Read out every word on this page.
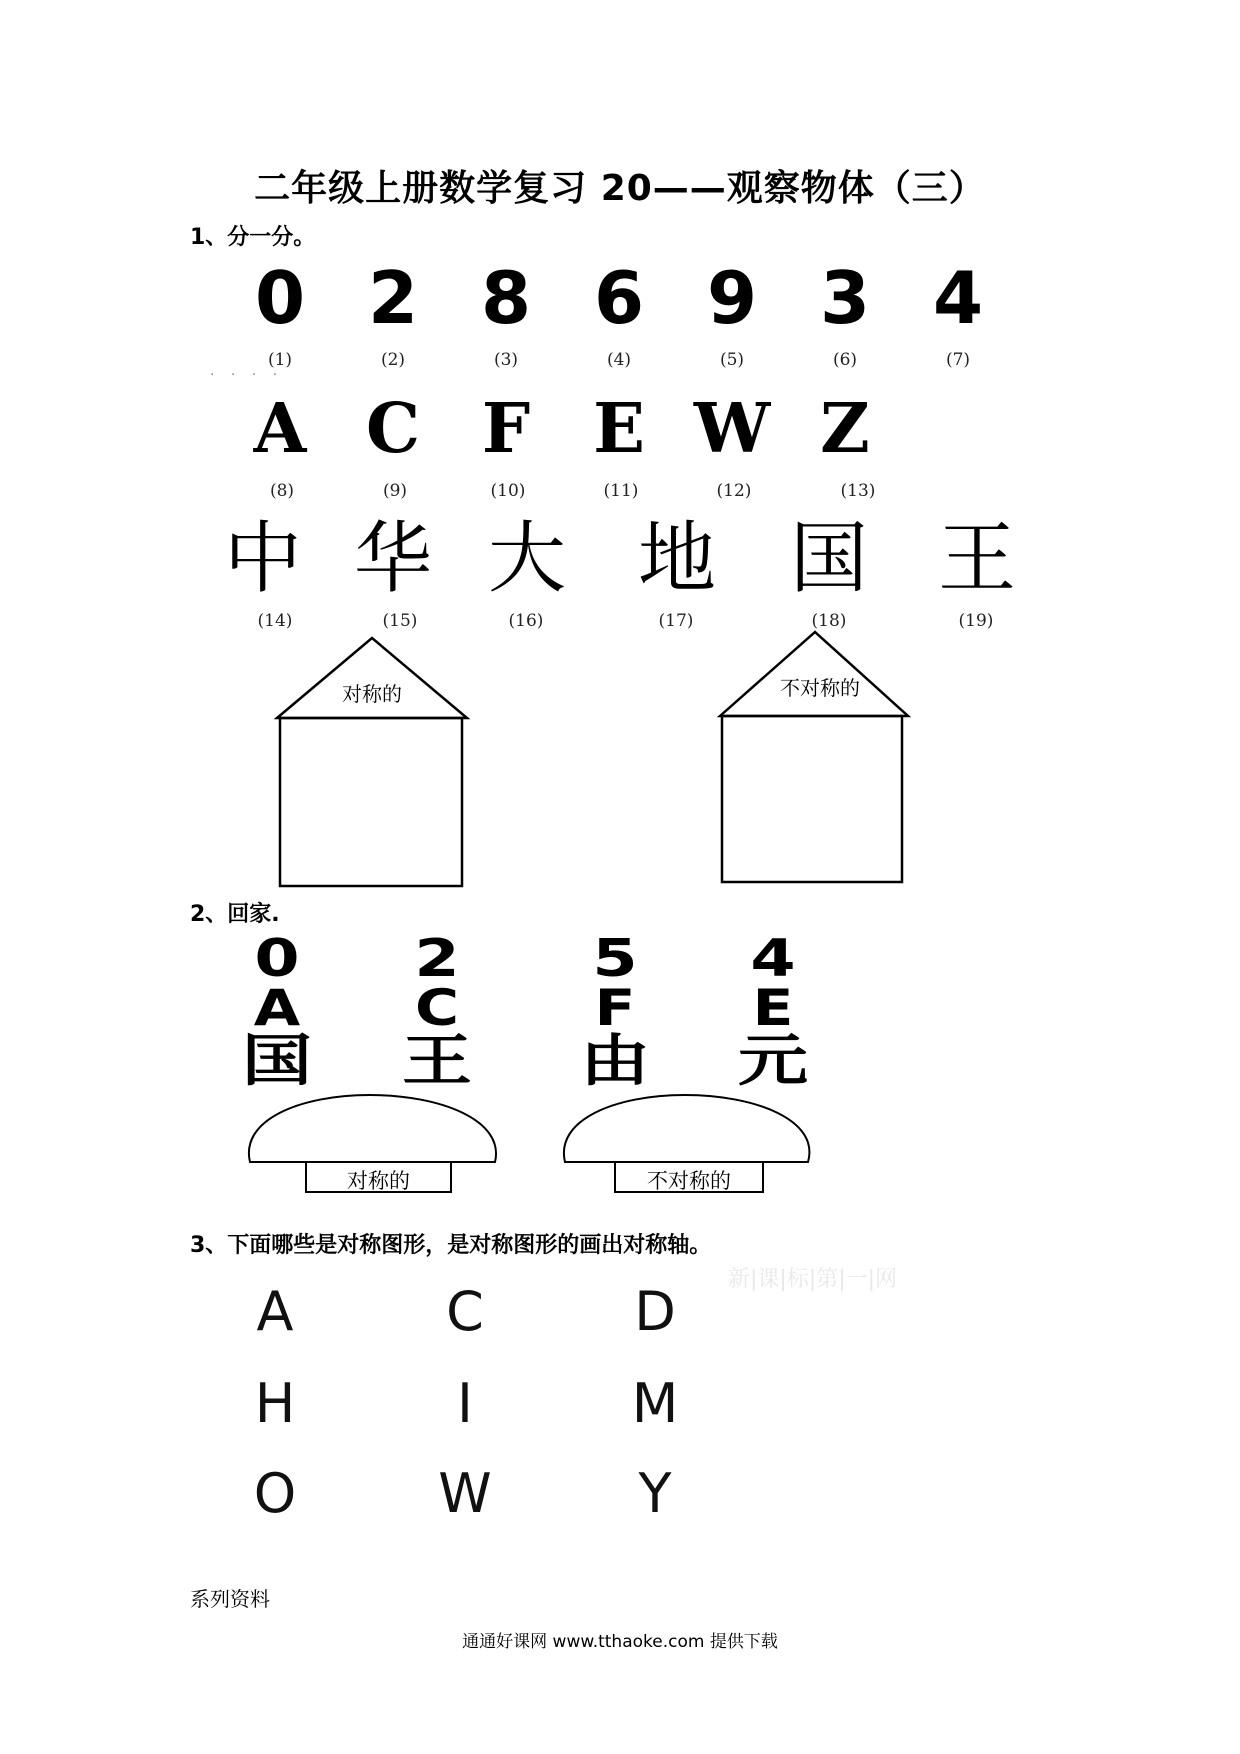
二年级上册数学复习 20——观察物体（三）
1、分一分。
0 2 8 6 9 3 4
. . . .
(1)	(2)	(3)	(4)	(5)	(6)	(7)
A C F E W Z
(8)	(9)	(10)	(11)	(12)	(13)
中 华 大 地 国 王
(14)	(15)	(16)	(17)	(18)	(19)
对称的	不对称的
2、回家.
0	2	5	4
A	C	F	E
国	王	由	元
对称的	不对称的
3、下面哪些是对称图形，是对称图形的画出对称轴。
新|课|标|第|一|网
A	C	D
H	I	M
O	W	Y
系列资料
通通好课网 www.tthaoke.com 提供下载
